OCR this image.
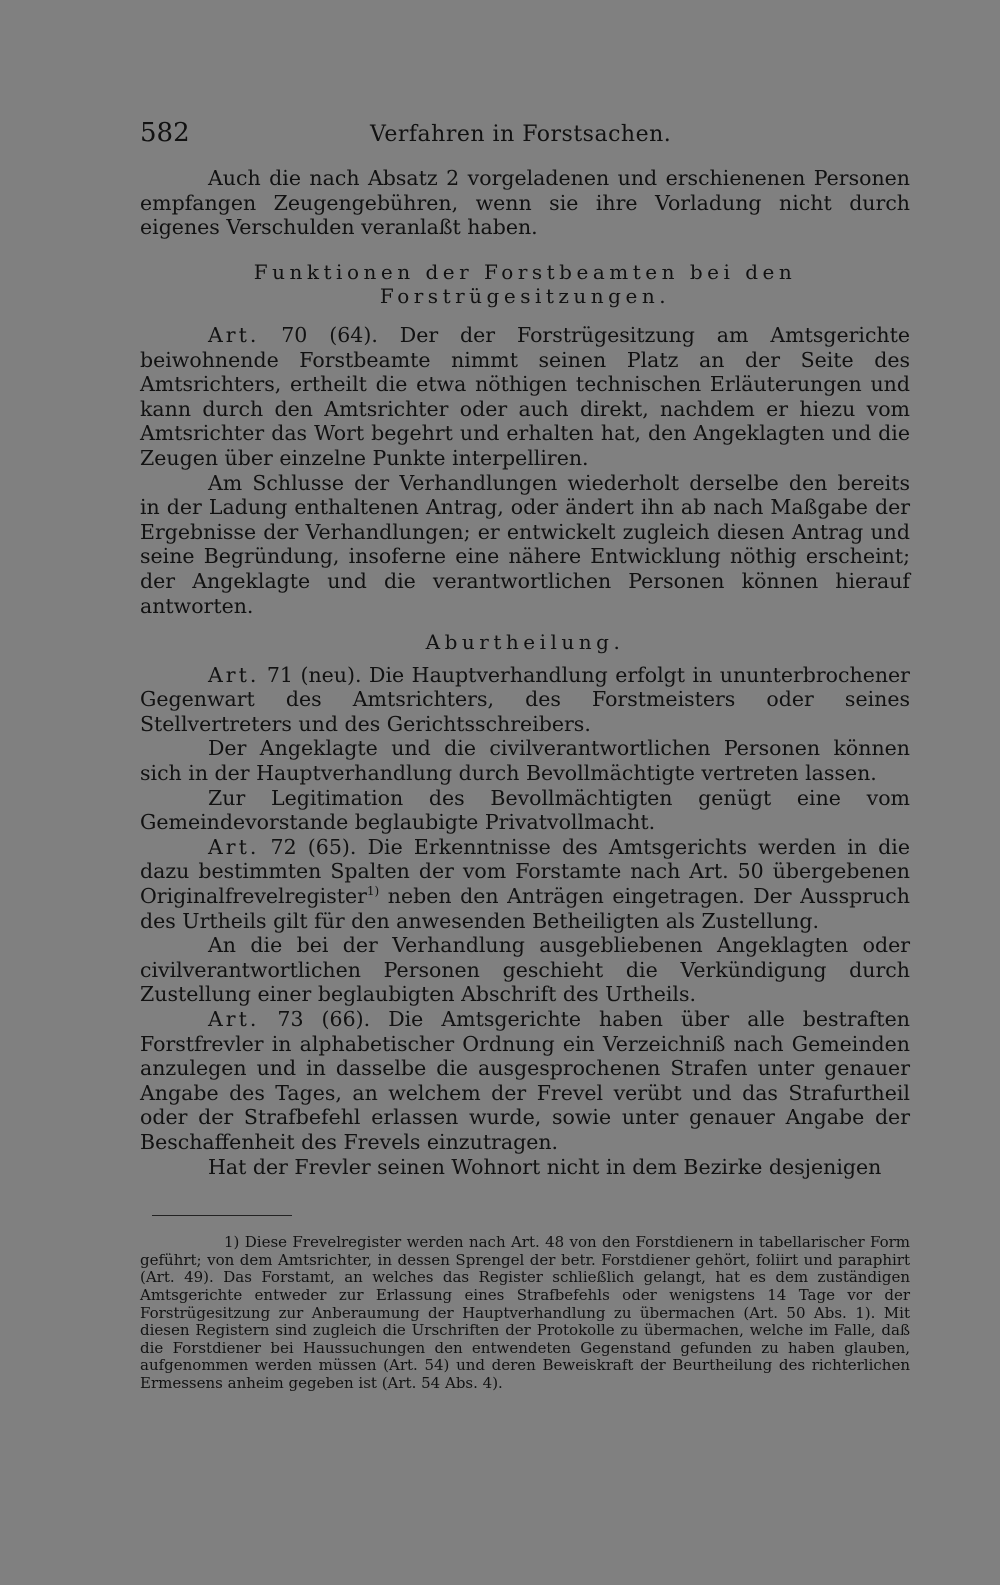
582	Verfahren in Forstsachen.

Auch die nach Absatz 2 vorgeladenen und erschienenen Personen empfangen Zeugengebühren, wenn sie ihre Vorladung nicht durch eigenes Verschulden veranlaßt haben.

Funktionen der Forstbeamten bei den Forstrügesitzungen.

Art. 70 (64). Der der Forstrügesitzung am Amtsgerichte beiwohnende Forstbeamte nimmt seinen Platz an der Seite des Amtsrichters, ertheilt die etwa nöthigen technischen Erläuterungen und kann durch den Amtsrichter oder auch direkt, nachdem er hiezu vom Amtsrichter das Wort begehrt und erhalten hat, den Angeklagten und die Zeugen über einzelne Punkte interpelliren.

Am Schlusse der Verhandlungen wiederholt derselbe den bereits in der Ladung enthaltenen Antrag, oder ändert ihn ab nach Maßgabe der Ergebnisse der Verhandlungen; er entwickelt zugleich diesen Antrag und seine Begründung, insoferne eine nähere Entwicklung nöthig erscheint; der Angeklagte und die verantwortlichen Personen können hierauf antworten.

Aburtheilung.

Art. 71 (neu). Die Hauptverhandlung erfolgt in ununterbrochener Gegenwart des Amtsrichters, des Forstmeisters oder seines Stellvertreters und des Gerichtsschreibers.

Der Angeklagte und die civilverantwortlichen Personen können sich in der Hauptverhandlung durch Bevollmächtigte vertreten lassen.

Zur Legitimation des Bevollmächtigten genügt eine vom Gemeindevorstande beglaubigte Privatvollmacht.

Art. 72 (65). Die Erkenntnisse des Amtsgerichts werden in die dazu bestimmten Spalten der vom Forstamte nach Art. 50 übergebenen Originalfrevelregister$^{1)}$ neben den Anträgen eingetragen. Der Ausspruch des Urtheils gilt für den anwesenden Betheiligten als Zustellung.

An die bei der Verhandlung ausgebliebenen Angeklagten oder civilverantwortlichen Personen geschieht die Verkündigung durch Zustellung einer beglaubigten Abschrift des Urtheils.

Art. 73 (66). Die Amtsgerichte haben über alle bestraften Forstfrevler in alphabetischer Ordnung ein Verzeichniß nach Gemeinden anzulegen und in dasselbe die ausgesprochenen Strafen unter genauer Angabe des Tages, an welchem der Frevel verübt und das Strafurtheil oder der Strafbefehl erlassen wurde, sowie unter genauer Angabe der Beschaffenheit des Frevels einzutragen.

Hat der Frevler seinen Wohnort nicht in dem Bezirke desjenigen

1) Diese Frevelregister werden nach Art. 48 von den Forstdienern in tabellarischer Form geführt; von dem Amtsrichter, in dessen Sprengel der betr. Forstdiener gehört, foliirt und paraphirt (Art. 49). Das Forstamt, an welches das Register schließlich gelangt, hat es dem zuständigen Amtsgerichte entweder zur Erlassung eines Strafbefehls oder wenigstens 14 Tage vor der Forstrügesitzung zur Anberaumung der Hauptverhandlung zu übermachen (Art. 50 Abs. 1). Mit diesen Registern sind zugleich die Urschriften der Protokolle zu übermachen, welche im Falle, daß die Forstdiener bei Haussuchungen den entwendeten Gegenstand gefunden zu haben glauben, aufgenommen werden müssen (Art. 54) und deren Beweiskraft der Beurtheilung des richterlichen Ermessens anheim gegeben ist (Art. 54 Abs. 4).
